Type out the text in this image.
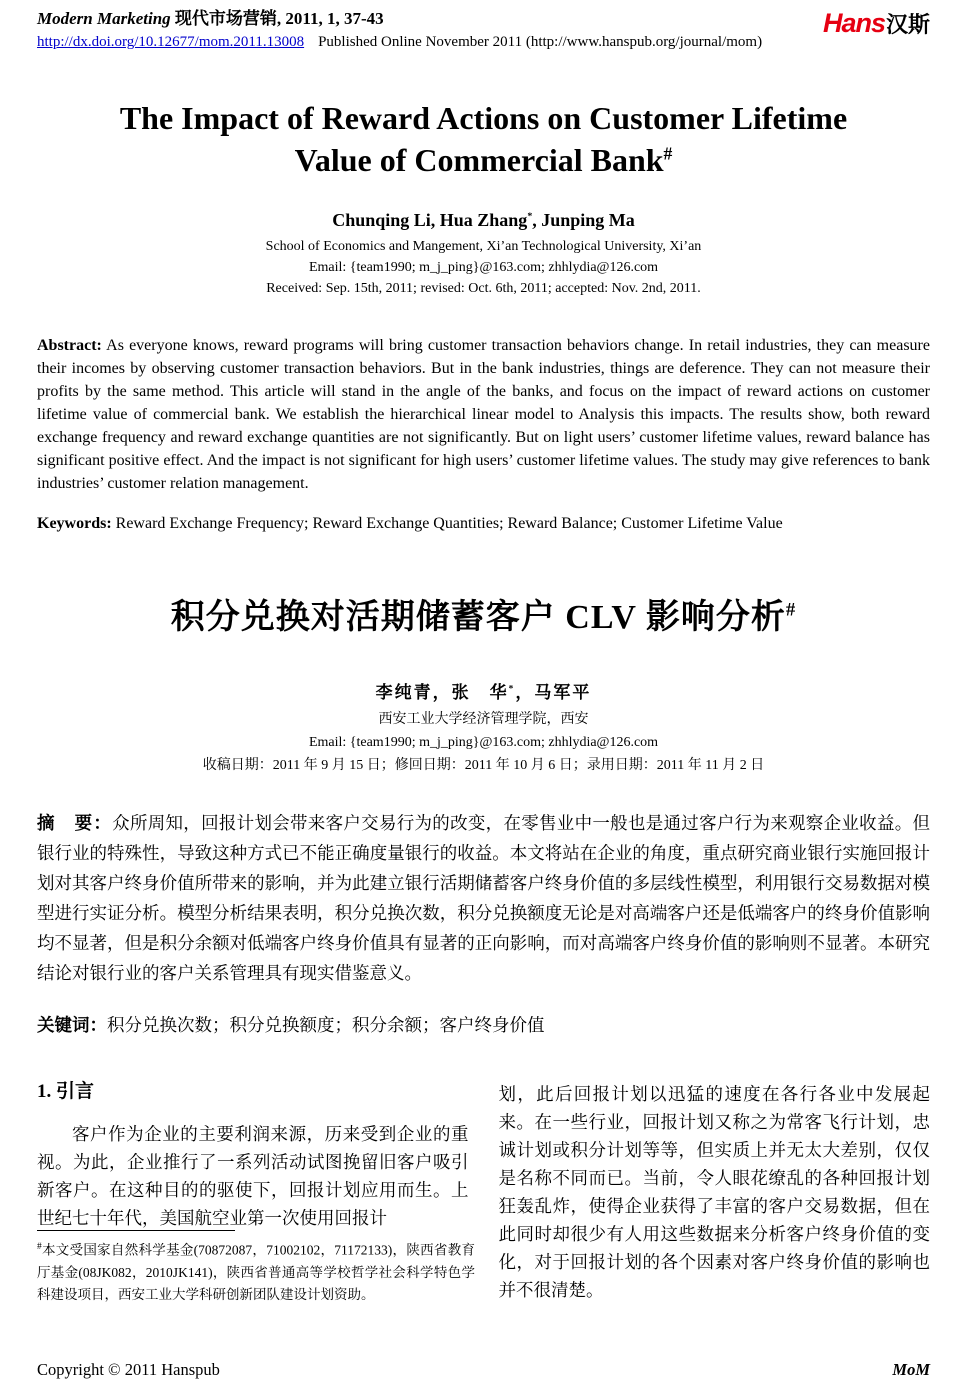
Modern Marketing 现代市场营销, 2011, 1, 37-43
http://dx.doi.org/10.12677/mom.2011.13008 Published Online November 2011 (http://www.hanspub.org/journal/mom)
Hans汉斯
The Impact of Reward Actions on Customer Lifetime
Value of Commercial Bank#
Chunqing Li, Hua Zhang*, Junping Ma
School of Economics and Mangement, Xi’an Technological University, Xi’an
Email: {team1990; m_j_ping}@163.com; zhhlydia@126.com
Received: Sep. 15th, 2011; revised: Oct. 6th, 2011; accepted: Nov. 2nd, 2011.

Abstract: As everyone knows, reward programs will bring customer transaction behaviors change. In retail industries, they can measure their incomes by observing customer transaction behaviors. But in the bank industries, things are deference. They can not measure their profits by the same method. This article will stand in the angle of the banks, and focus on the impact of reward actions on customer lifetime value of commercial bank. We establish the hierarchical linear model to Analysis this impacts. The results show, both reward exchange frequency and reward exchange quantities are not significantly. But on light users’ customer lifetime values, reward balance has significant positive effect. And the impact is not significant for high users’ customer lifetime values. The study may give references to bank industries’ customer relation management.

Keywords: Reward Exchange Frequency; Reward Exchange Quantities; Reward Balance; Customer Lifetime Value

积分兑换对活期储蓄客户 CLV 影响分析#
李纯青，张　华*，马军平
西安工业大学经济管理学院，西安
Email: {team1990; m_j_ping}@163.com; zhhlydia@126.com
收稿日期：2011 年 9 月 15 日；修回日期：2011 年 10 月 6 日；录用日期：2011 年 11 月 2 日

摘　要：众所周知，回报计划会带来客户交易行为的改变，在零售业中一般也是通过客户行为来观察企业收益。但银行业的特殊性，导致这种方式已不能正确度量银行的收益。本文将站在企业的角度，重点研究商业银行实施回报计划对其客户终身价值所带来的影响，并为此建立银行活期储蓄客户终身价值的多层线性模型，利用银行交易数据对模型进行实证分析。模型分析结果表明，积分兑换次数，积分兑换额度无论是对高端客户还是低端客户的终身价值影响均不显著，但是积分余额对低端客户终身价值具有显著的正向影响，而对高端客户终身价值的影响则不显著。本研究结论对银行业的客户关系管理具有现实借鉴意义。

关键词：积分兑换次数；积分兑换额度；积分余额；客户终身价值

1. 引言

客户作为企业的主要利润来源，历来受到企业的重视。为此，企业推行了一系列活动试图挽留旧客户吸引新客户。在这种目的的驱使下，回报计划应用而生。上世纪七十年代，美国航空业第一次使用回报计

划，此后回报计划以迅猛的速度在各行各业中发展起来。在一些行业，回报计划又称之为常客飞行计划，忠诚计划或积分计划等等，但实质上并无太大差别，仅仅是名称不同而已。当前，令人眼花缭乱的各种回报计划狂轰乱炸，使得企业获得了丰富的客户交易数据，但在此同时却很少有人用这些数据来分析客户终身价值的变化，对于回报计划的各个因素对客户终身价值的影响也并不很清楚。

#本文受国家自然科学基金(70872087，71002102，71172133)，陕西省教育厅基金(08JK082，2010JK141)，陕西省普通高等学校哲学社会科学特色学科建设项目，西安工业大学科研创新团队建设计划资助。
Copyright © 2011 Hanspub	MoM
